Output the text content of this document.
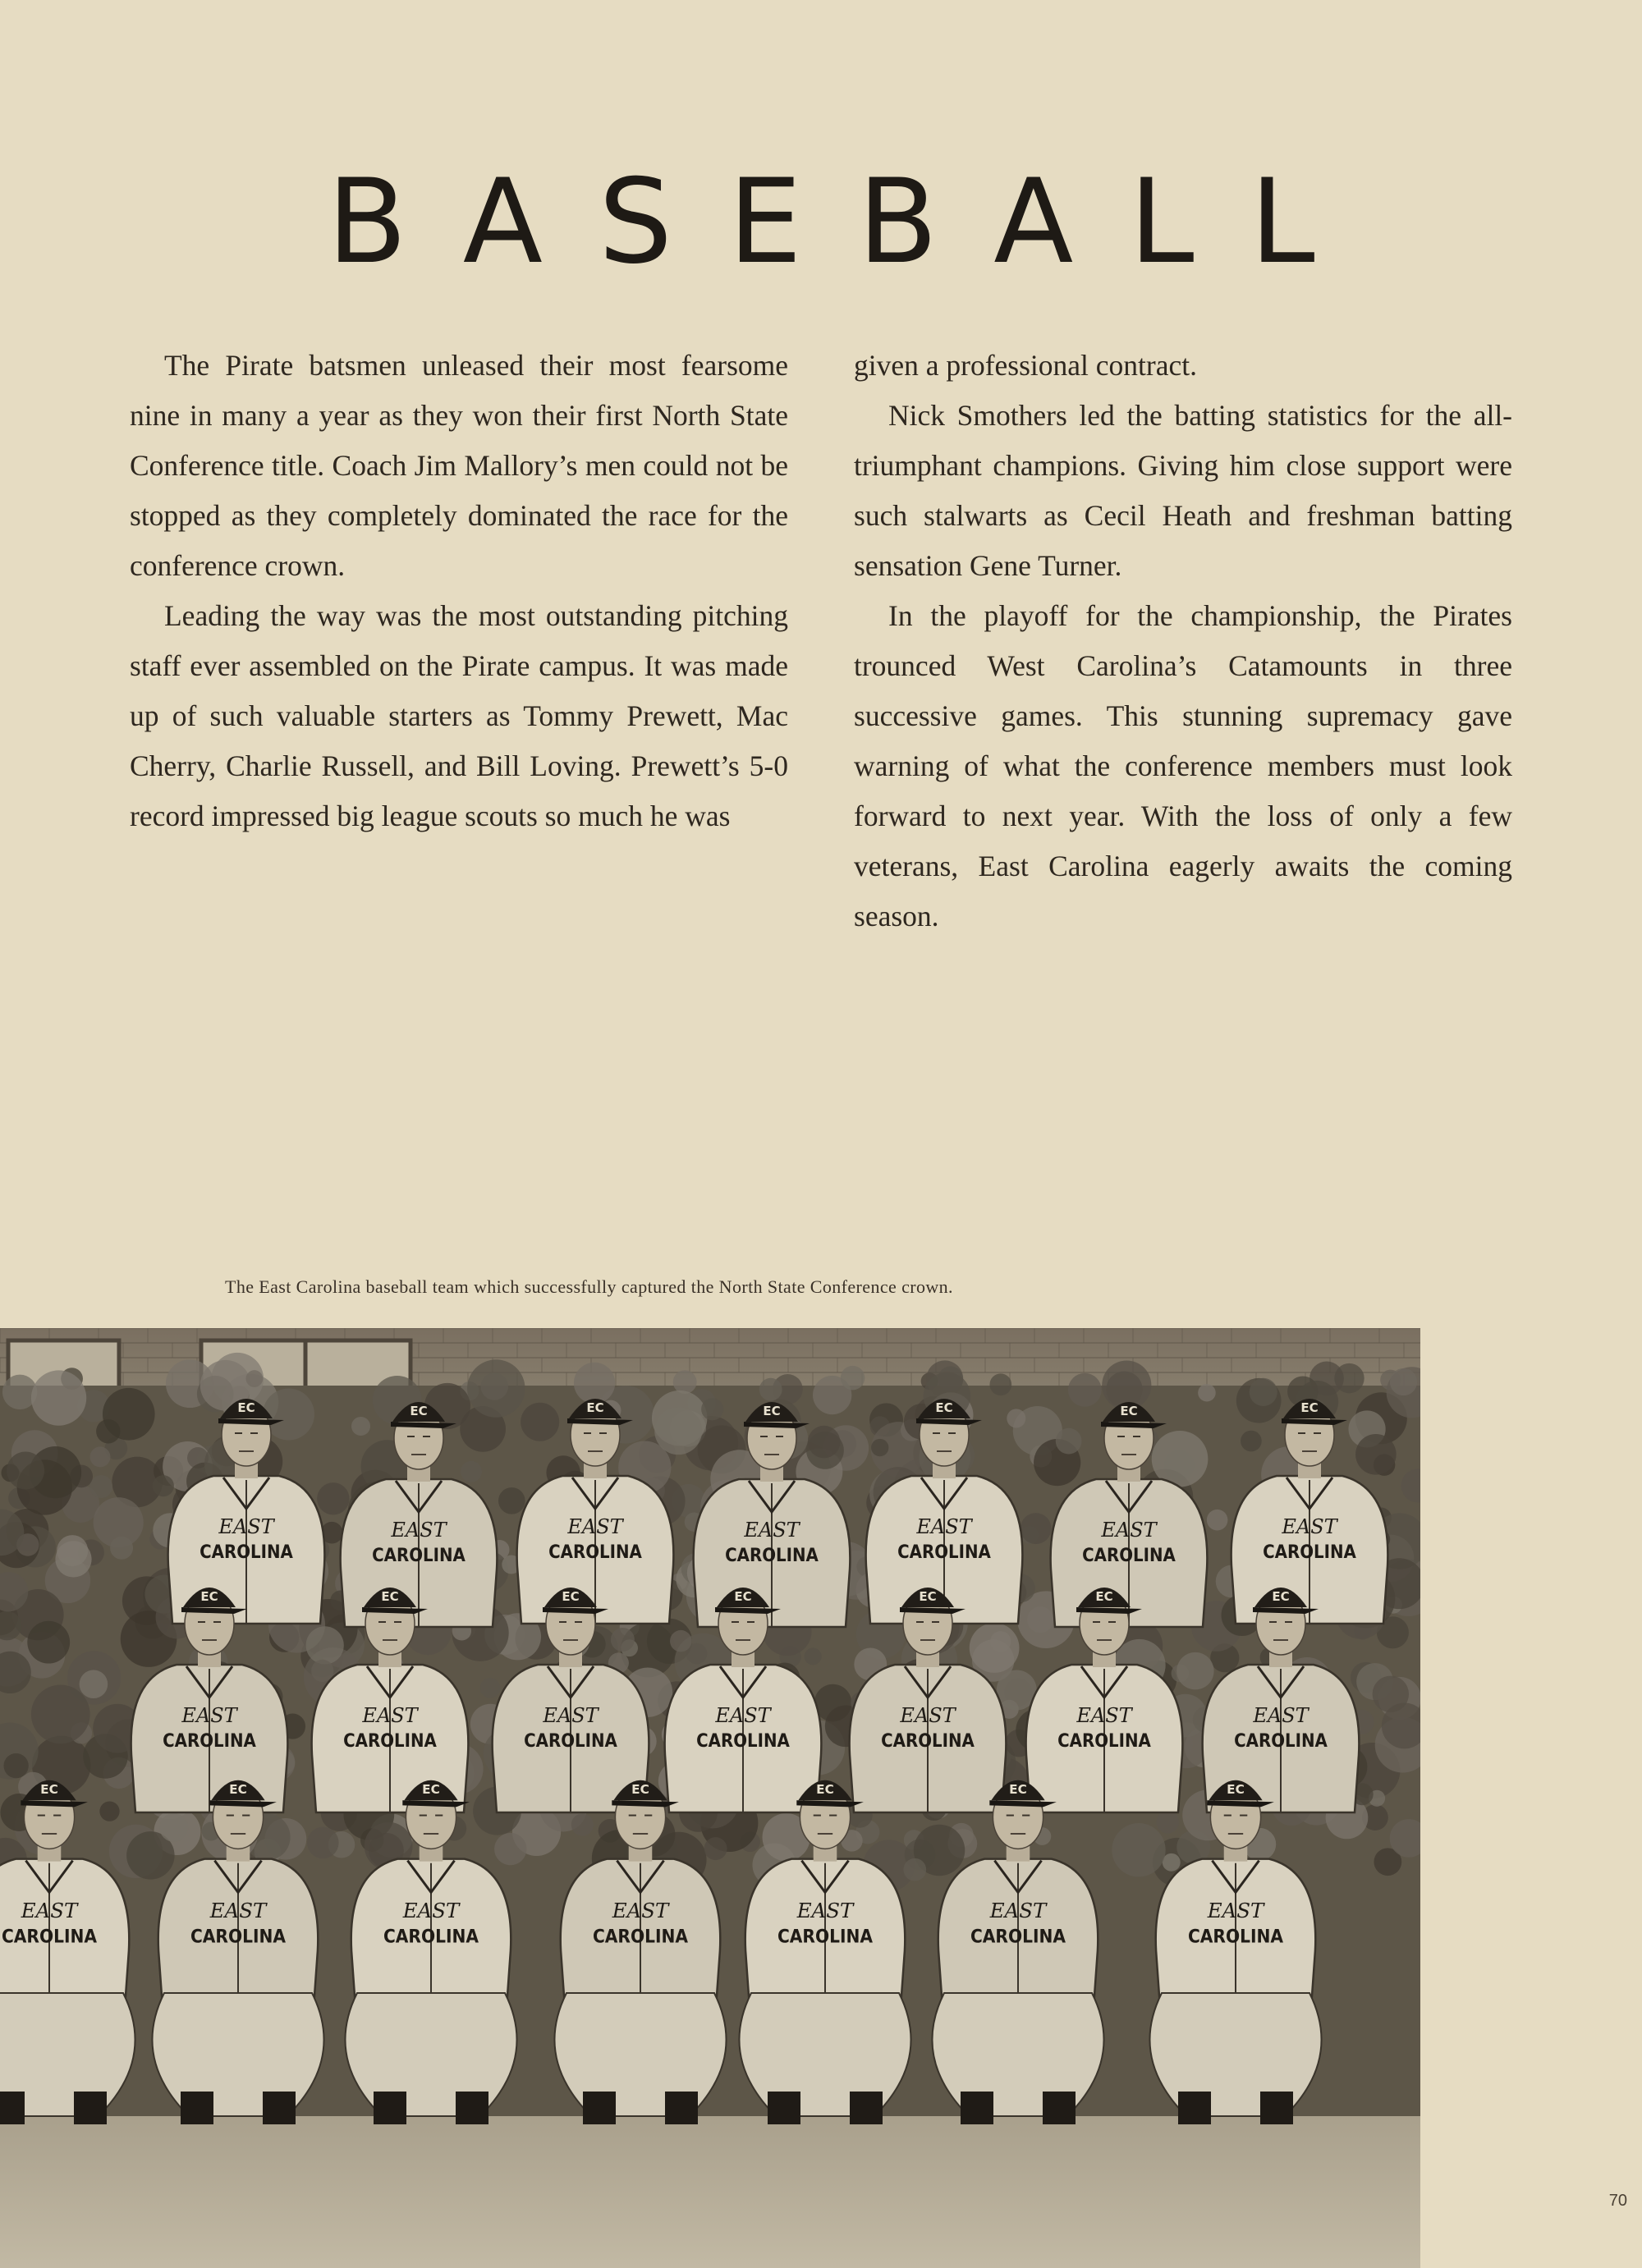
BASEBALL

The Pirate batsmen unleased their most fearsome nine in many a year as they won their first North State Conference title. Coach Jim Mallory’s men could not be stopped as they completely dominated the race for the conference crown.

Leading the way was the most outstanding pitching staff ever assembled on the Pirate campus. It was made up of such valuable starters as Tommy Prewett, Mac Cherry, Charlie Russell, and Bill Loving. Prewett’s 5-0 record impressed big league scouts so much he was

given a professional contract.

Nick Smothers led the batting statistics for the all-triumphant champions. Giving him close support were such stalwarts as Cecil Heath and freshman batting sensation Gene Turner.

In the playoff for the championship, the Pirates trounced West Carolina’s Catamounts in three successive games. This stunning supremacy gave warning of what the conference members must look forward to next year. With the loss of only a few veterans, East Carolina eagerly awaits the coming season.

The East Carolina baseball team which successfully captured the North State Conference crown.
EAST
CAROLINA
EC
EAST
CAROLINA
EC
EAST
CAROLINA
EC
EAST
CAROLINA
EC
EAST
CAROLINA
EC
EAST
CAROLINA
EC
EAST
CAROLINA
EC
EAST
CAROLINA
EC
EAST
CAROLINA
EC
EAST
CAROLINA
EC
EAST
CAROLINA
EC
EAST
CAROLINA
EC
EAST
CAROLINA
EC
EAST
CAROLINA
EC
EAST
CAROLINA
EC
EAST
CAROLINA
EC
EAST
CAROLINA
EC
EAST
CAROLINA
EC
EAST
CAROLINA
EC
EAST
CAROLINA
EC
EAST
CAROLINA
EC
70
